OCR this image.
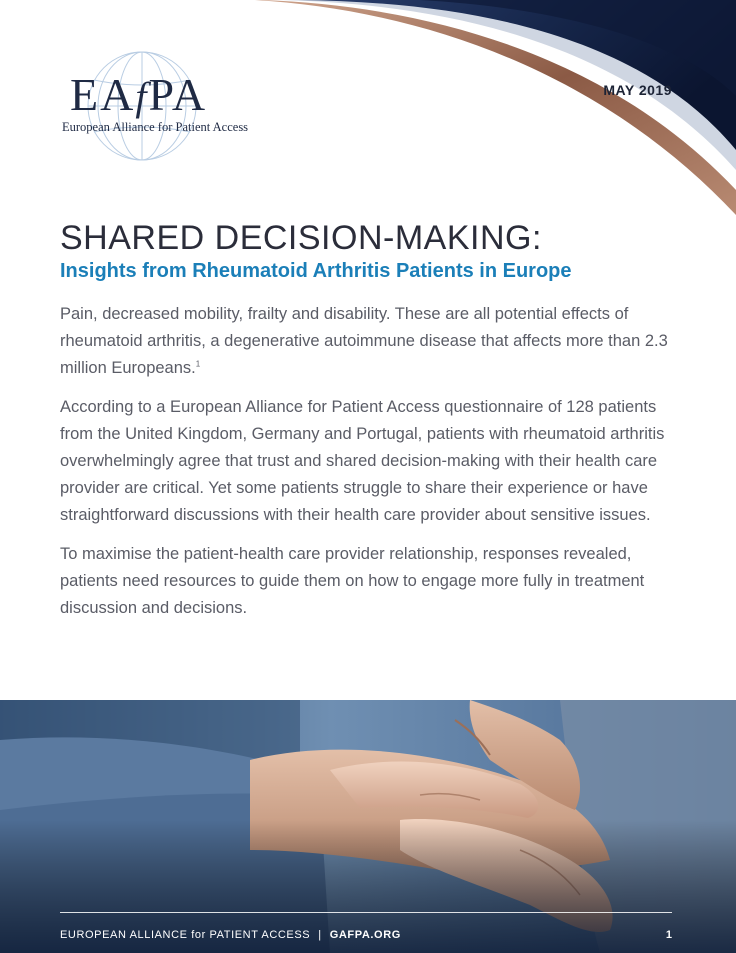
EAfPA
European Alliance for Patient Access
MAY 2019
SHARED DECISION-MAKING:
Insights from Rheumatoid Arthritis Patients in Europe

Pain, decreased mobility, frailty and disability. These are all potential effects of rheumatoid arthritis, a degenerative autoimmune disease that affects more than 2.3 million Europeans.$^1$

According to a European Alliance for Patient Access questionnaire of 128 patients from the United Kingdom, Germany and Portugal, patients with rheumatoid arthritis overwhelmingly agree that trust and shared decision-making with their health care provider are critical. Yet some patients struggle to share their experience or have straightforward discussions with their health care provider about sensitive issues.

To maximise the patient-health care provider relationship, responses revealed, patients need resources to guide them on how to engage more fully in treatment discussion and decisions.

EUROPEAN ALLIANCE for PATIENT ACCESS | GAFPA.ORG	1
